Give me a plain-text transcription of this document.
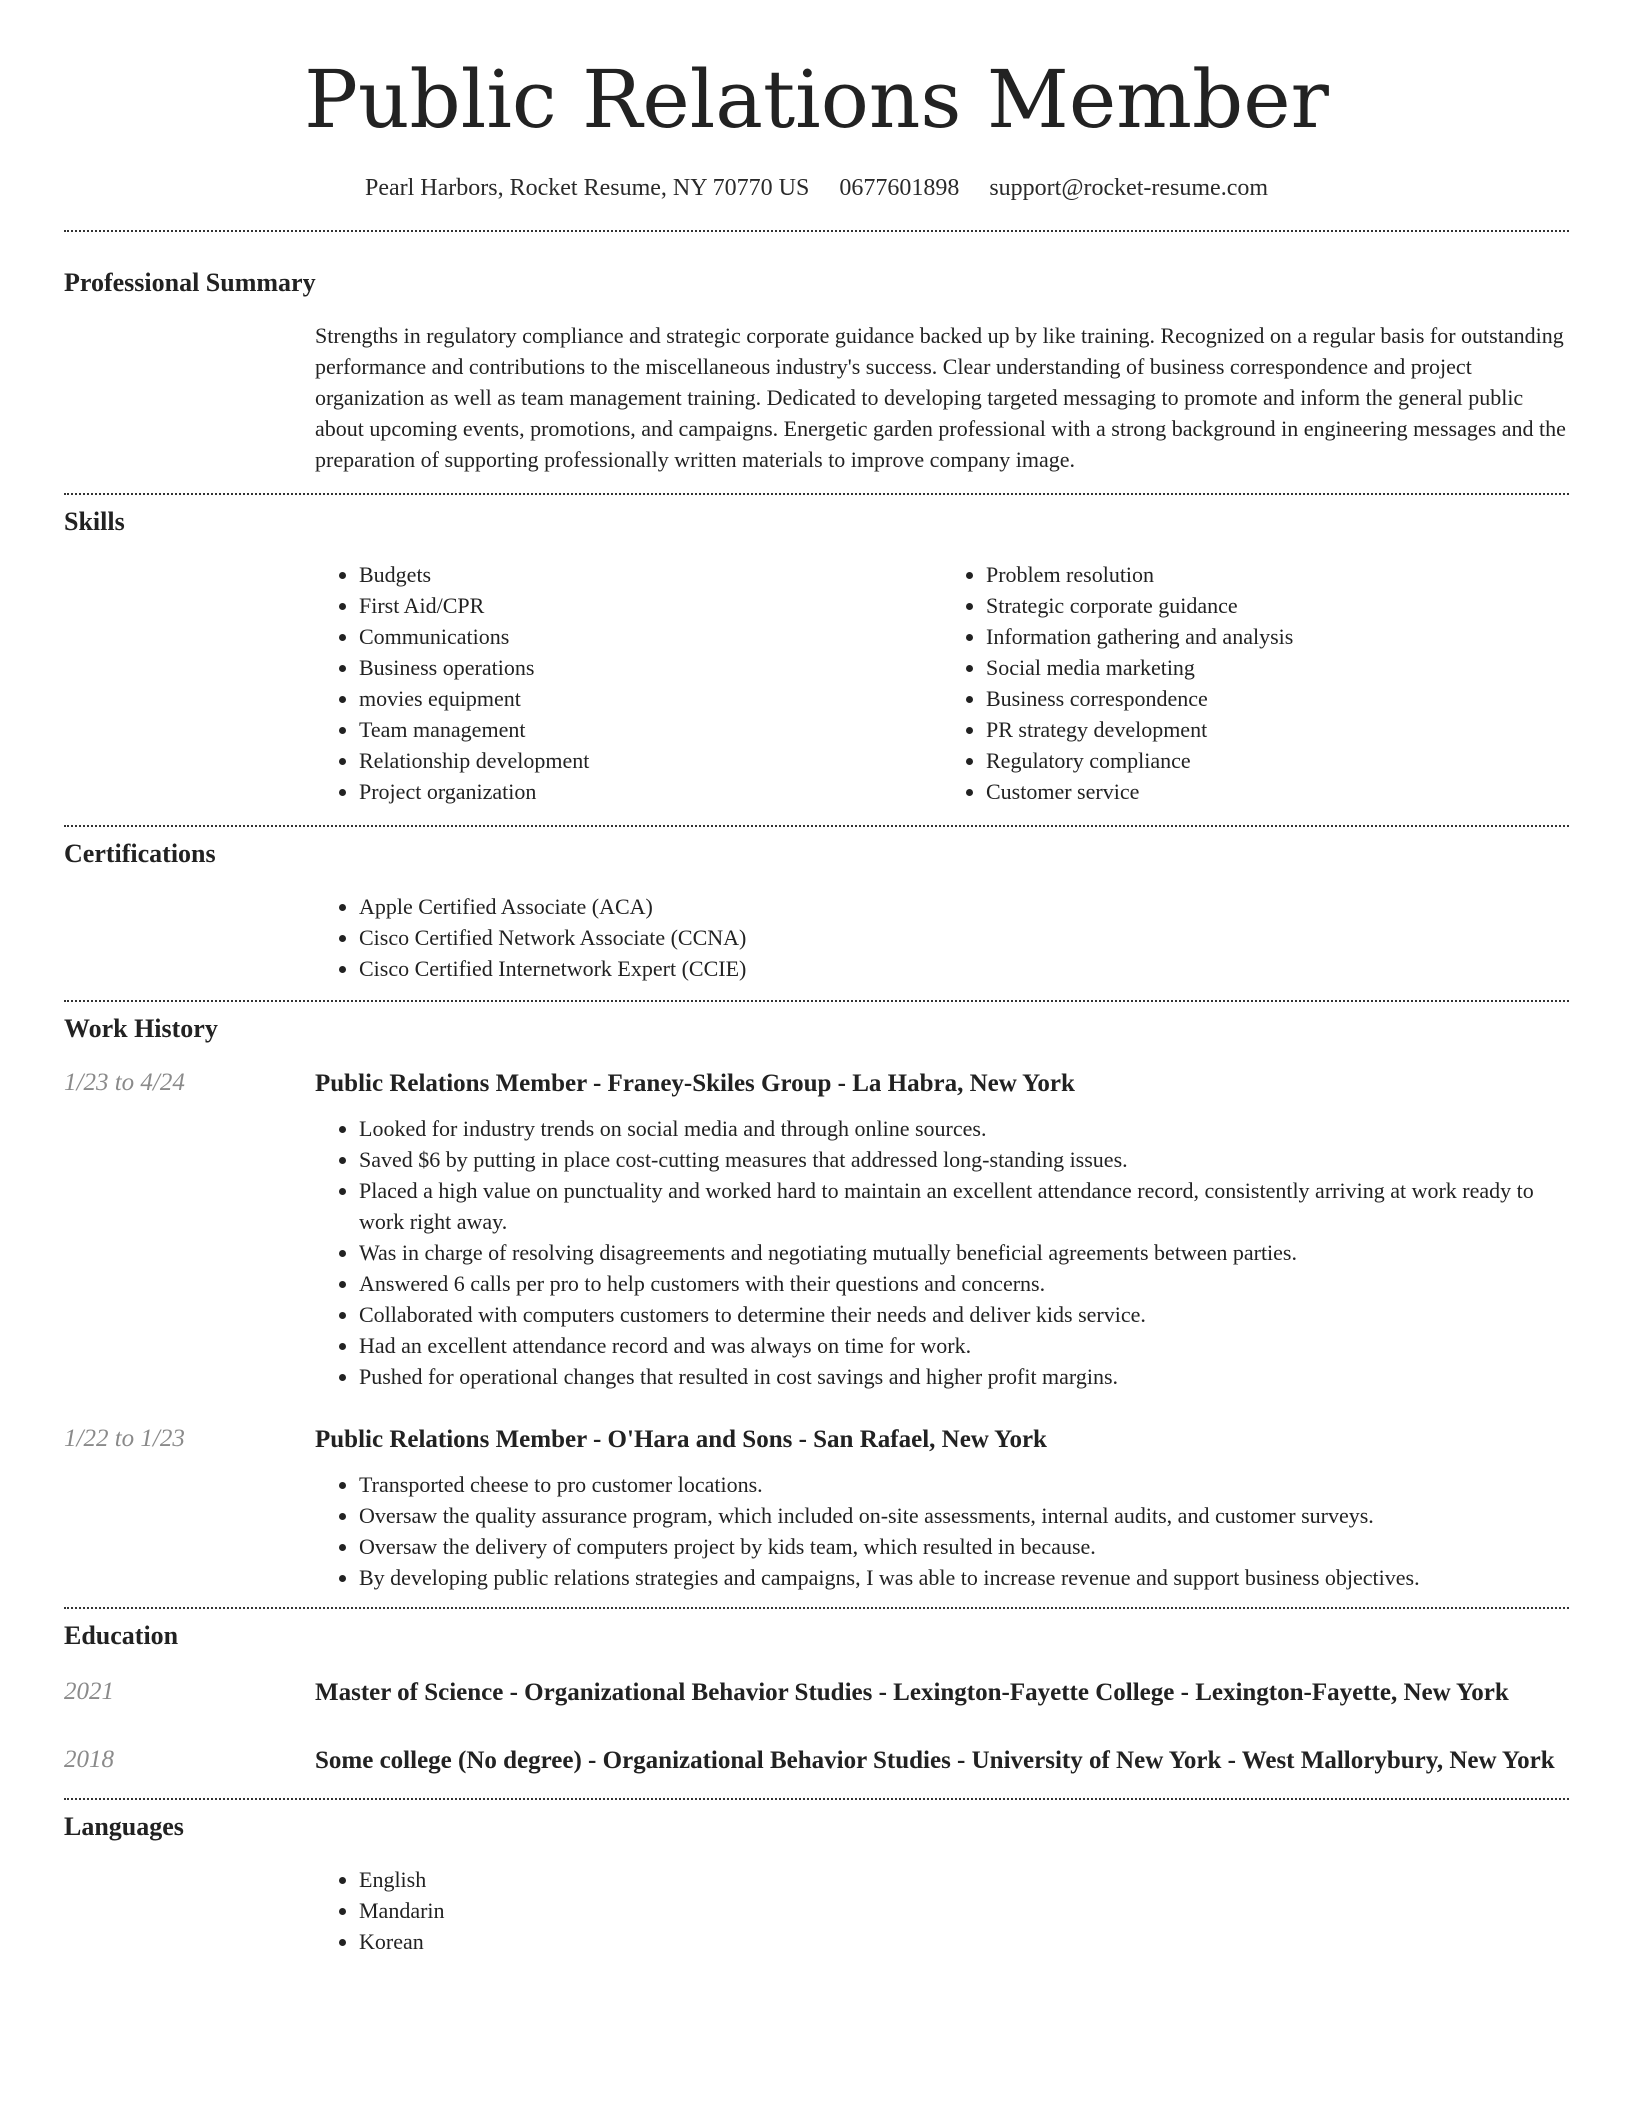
Public Relations Member
Pearl Harbors, Rocket Resume, NY 70770 US 0677601898 support@rocket-resume.com
Professional Summary

Strengths in regulatory compliance and strategic corporate guidance backed up by like training. Recognized on a regular basis for outstanding performance and contributions to the miscellaneous industry's success. Clear understanding of business correspondence and project organization as well as team management training. Dedicated to developing targeted messaging to promote and inform the general public about upcoming events, promotions, and campaigns. Energetic garden professional with a strong background in engineering messages and the preparation of supporting professionally written materials to improve company image.

Skills
• Budgets
• First Aid/CPR
• Communications
• Business operations
• movies equipment
• Team management
• Relationship development
• Project organization
• Problem resolution
• Strategic corporate guidance
• Information gathering and analysis
• Social media marketing
• Business correspondence
• PR strategy development
• Regulatory compliance
• Customer service
Certifications
• Apple Certified Associate (ACA)
• Cisco Certified Network Associate (CCNA)
• Cisco Certified Internetwork Expert (CCIE)
Work History
1/23 to 4/24	Public Relations Member - Franey-Skiles Group - La Habra, New York
• Looked for industry trends on social media and through online sources.
• Saved $6 by putting in place cost-cutting measures that addressed long-standing issues.
• Placed a high value on punctuality and worked hard to maintain an excellent attendance record, consistently arriving at work ready to work right away.
• Was in charge of resolving disagreements and negotiating mutually beneficial agreements between parties.
• Answered 6 calls per pro to help customers with their questions and concerns.
• Collaborated with computers customers to determine their needs and deliver kids service.
• Had an excellent attendance record and was always on time for work.
• Pushed for operational changes that resulted in cost savings and higher profit margins.
1/22 to 1/23	Public Relations Member - O'Hara and Sons - San Rafael, New York
• Transported cheese to pro customer locations.
• Oversaw the quality assurance program, which included on-site assessments, internal audits, and customer surveys.
• Oversaw the delivery of computers project by kids team, which resulted in because.
• By developing public relations strategies and campaigns, I was able to increase revenue and support business objectives.
Education
2021	Master of Science - Organizational Behavior Studies - Lexington-Fayette College - Lexington-Fayette, New York
2018	Some college (No degree) - Organizational Behavior Studies - University of New York - West Mallorybury, New York
Languages
• English
• Mandarin
• Korean
